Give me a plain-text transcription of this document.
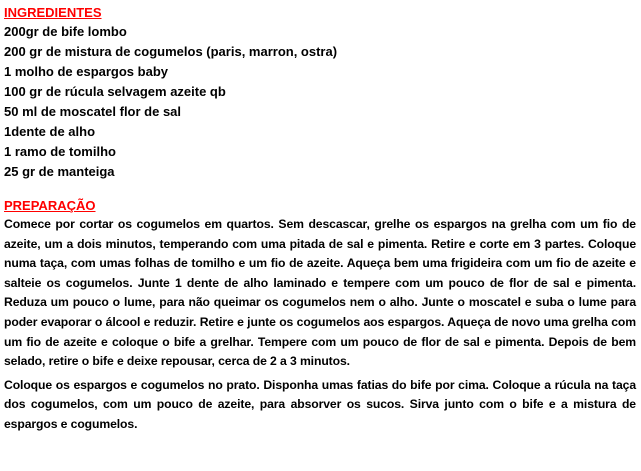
INGREDIENTES
200gr de bife lombo
200 gr de mistura de cogumelos (paris, marron, ostra)
1 molho de espargos baby
100 gr de rúcula selvagem azeite qb
50 ml de moscatel flor de sal
1dente de alho
1 ramo de tomilho
25 gr de manteiga
PREPARAÇÃO

Comece por cortar os cogumelos em quartos. Sem descascar, grelhe os espargos na grelha com um fio de azeite, um a dois minutos, temperando com uma pitada de sal e pimenta. Retire e corte em 3 partes. Coloque numa taça, com umas folhas de tomilho e um fio de azeite. Aqueça bem uma frigideira com um fio de azeite e salteie os cogumelos. Junte 1 dente de alho laminado e tempere com um pouco de flor de sal e pimenta. Reduza um pouco o lume, para não queimar os cogumelos nem o alho. Junte o moscatel e suba o lume para poder evaporar o álcool e reduzir. Retire e junte os cogumelos aos espargos. Aqueça de novo uma grelha com um fio de azeite e coloque o bife a grelhar. Tempere com um pouco de flor de sal e pimenta. Depois de bem selado, retire o bife e deixe repousar, cerca de 2 a 3 minutos.

Coloque os espargos e cogumelos no prato. Disponha umas fatias do bife por cima. Coloque a rúcula na taça dos cogumelos, com um pouco de azeite, para absorver os sucos. Sirva junto com o bife e a mistura de espargos e cogumelos.
